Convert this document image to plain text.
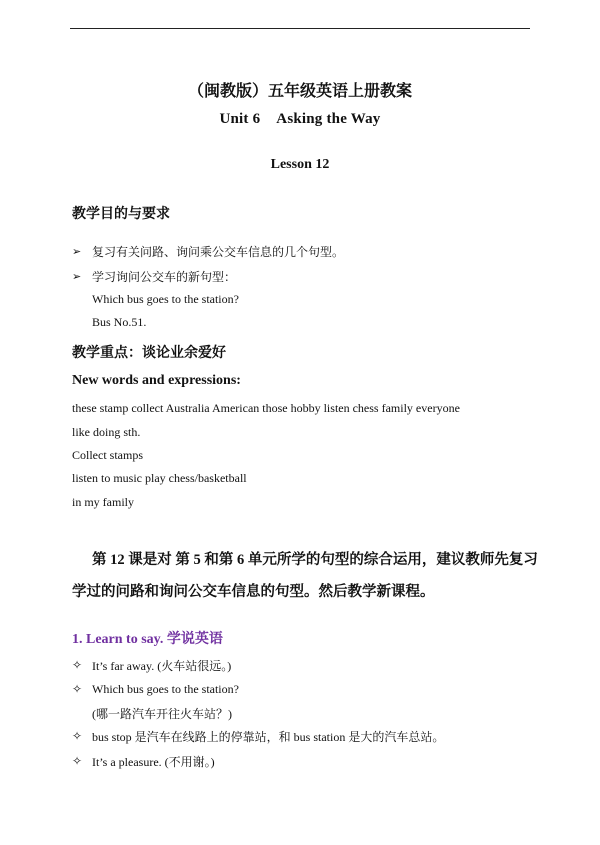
（闽教版）五年级英语上册教案
Unit 6 Asking the Way
Lesson 12
教学目的与要求
➢ 复习有关问路、询问乘公交车信息的几个句型。
➢ 学习询问公交车的新句型：
Which bus goes to the station?
Bus No.51.
教学重点：谈论业余爱好
New words and expressions:
these stamp collect Australia American those hobby listen chess family everyone
like doing sth.
Collect stamps
listen to music play chess/basketball
in my family
第 12 课是对 第 5 和第 6 单元所学的句型的综合运用，建议教师先复习学过的问路和询问公交车信息的句型。然后教学新课程。
1. Learn to say. 学说英语
✧ It’s far away. (火车站很远。)
✧ Which bus goes to the station?
(哪一路汽车开往火车站？)
✧ bus stop 是汽车在线路上的停靠站，和 bus station 是大的汽车总站。
✧ It’s a pleasure. (不用谢。)
